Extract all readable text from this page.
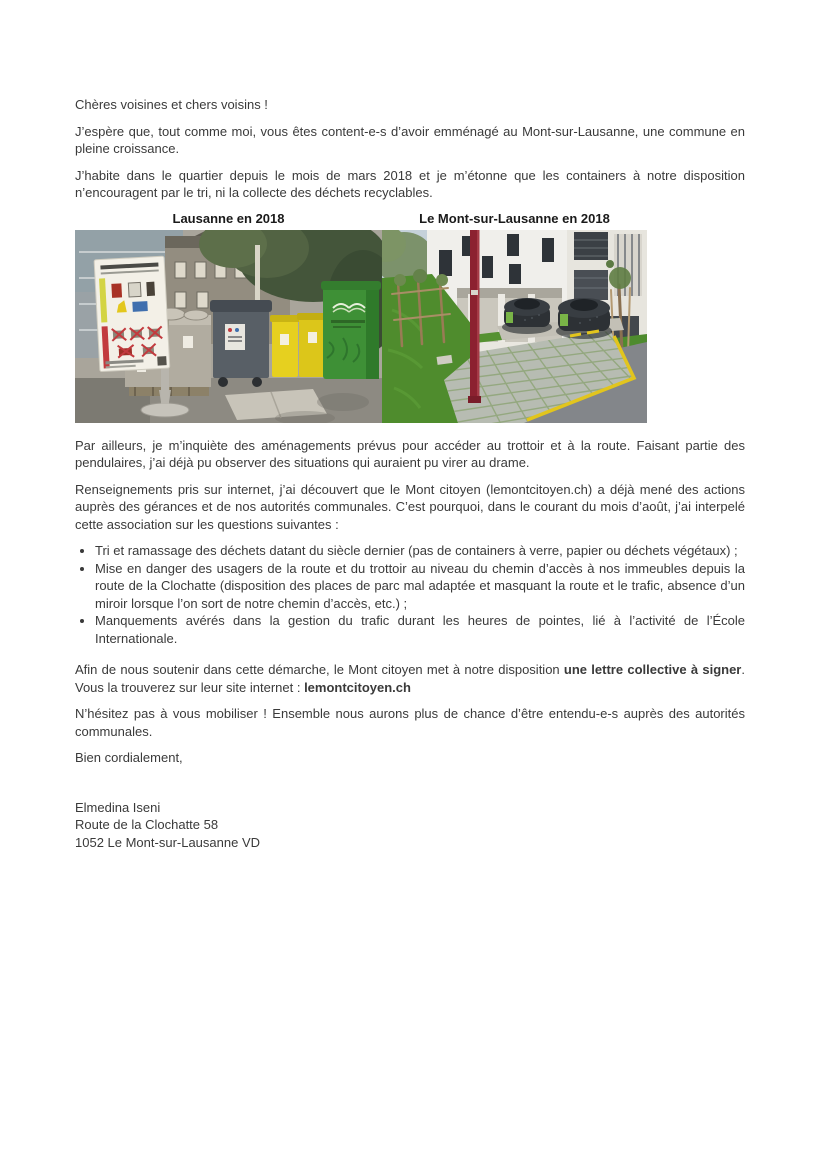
Chères voisines et chers voisins !

J’espère que, tout comme moi, vous êtes content-e-s d’avoir emménagé au Mont-sur-Lausanne, une commune en pleine croissance.

J’habite dans le quartier depuis le mois de mars 2018 et je m’étonne que les containers à notre disposition n’encouragent par le tri, ni la collecte des déchets recyclables.

Lausanne en 2018	Le Mont-sur-Lausanne en 2018

Par ailleurs, je m’inquiète des aménagements prévus pour accéder au trottoir et à la route. Faisant partie des pendulaires, j’ai déjà pu observer des situations qui auraient pu virer au drame.

Renseignements pris sur internet, j’ai découvert que le Mont citoyen (lemontcitoyen.ch) a déjà mené des actions auprès des gérances et de nos autorités communales. C’est pourquoi, dans le courant du mois d’août, j’ai interpelé cette association sur les questions suivantes :

• Tri et ramassage des déchets datant du siècle dernier (pas de containers à verre, papier ou déchets végétaux) ;
• Mise en danger des usagers de la route et du trottoir au niveau du chemin d’accès à nos immeubles depuis la route de la Clochatte (disposition des places de parc mal adaptée et masquant la route et le trafic, absence d’un miroir lorsque l’on sort de notre chemin d’accès, etc.) ;
• Manquements avérés dans la gestion du trafic durant les heures de pointes, lié à l’activité de l’École Internationale.

Afin de nous soutenir dans cette démarche, le Mont citoyen met à notre disposition une lettre collective à signer. Vous la trouverez sur leur site internet : lemontcitoyen.ch

N’hésitez pas à vous mobiliser ! Ensemble nous aurons plus de chance d’être entendu-e-s auprès des autorités communales.

Bien cordialement,

Elmedina Iseni
Route de la Clochatte 58
1052 Le Mont-sur-Lausanne VD
